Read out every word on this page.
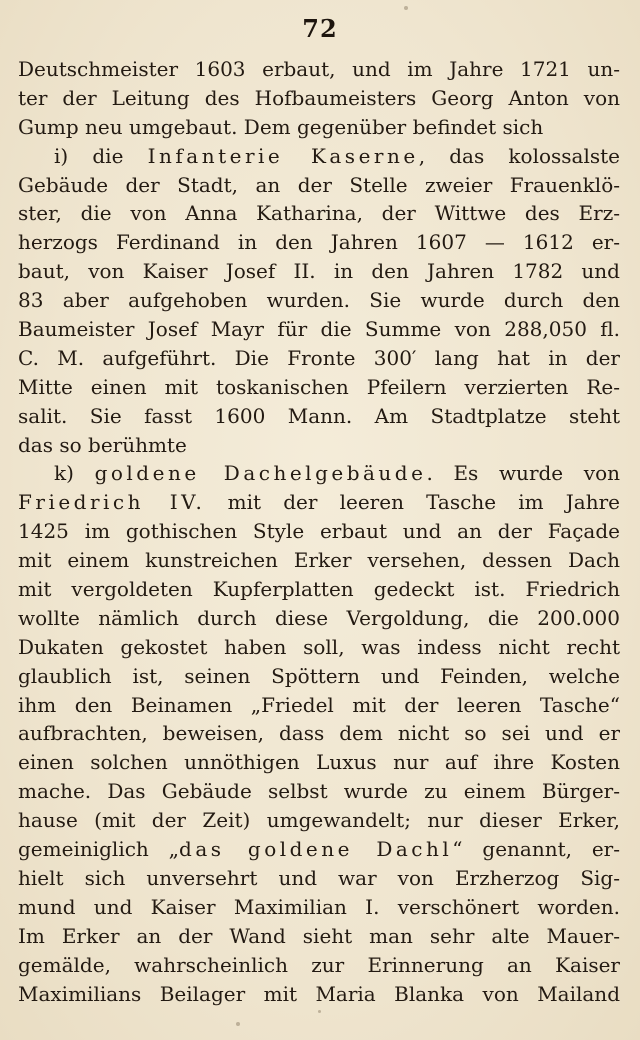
72
Deutschmeister 1603 erbaut, und im Jahre 1721 un-
ter der Leitung des Hofbaumeisters Georg Anton von
Gump neu umgebaut. Dem gegenüber befindet sich
i) die Infanterie Kaserne, das kolossalste
Gebäude der Stadt, an der Stelle zweier Frauenklö-
ster, die von Anna Katharina, der Wittwe des Erz-
herzogs Ferdinand in den Jahren 1607 — 1612 er-
baut, von Kaiser Josef II. in den Jahren 1782 und
83 aber aufgehoben wurden. Sie wurde durch den
Baumeister Josef Mayr für die Summe von 288,050 fl.
C. M. aufgeführt. Die Fronte 300′ lang hat in der
Mitte einen mit toskanischen Pfeilern verzierten Re-
salit. Sie fasst 1600 Mann. Am Stadtplatze steht
das so berühmte
k) goldene Dachelgebäude. Es wurde von
Friedrich IV. mit der leeren Tasche im Jahre
1425 im gothischen Style erbaut und an der Façade
mit einem kunstreichen Erker versehen, dessen Dach
mit vergoldeten Kupferplatten gedeckt ist. Friedrich
wollte nämlich durch diese Vergoldung, die 200.000
Dukaten gekostet haben soll, was indess nicht recht
glaublich ist, seinen Spöttern und Feinden, welche
ihm den Beinamen „Friedel mit der leeren Tasche“
aufbrachten, beweisen, dass dem nicht so sei und er
einen solchen unnöthigen Luxus nur auf ihre Kosten
mache. Das Gebäude selbst wurde zu einem Bürger-
hause (mit der Zeit) umgewandelt; nur dieser Erker,
gemeiniglich „das goldene Dachl“ genannt, er-
hielt sich unversehrt und war von Erzherzog Sig-
mund und Kaiser Maximilian I. verschönert worden.
Im Erker an der Wand sieht man sehr alte Mauer-
gemälde, wahrscheinlich zur Erinnerung an Kaiser
Maximilians Beilager mit Maria Blanka von Mailand
